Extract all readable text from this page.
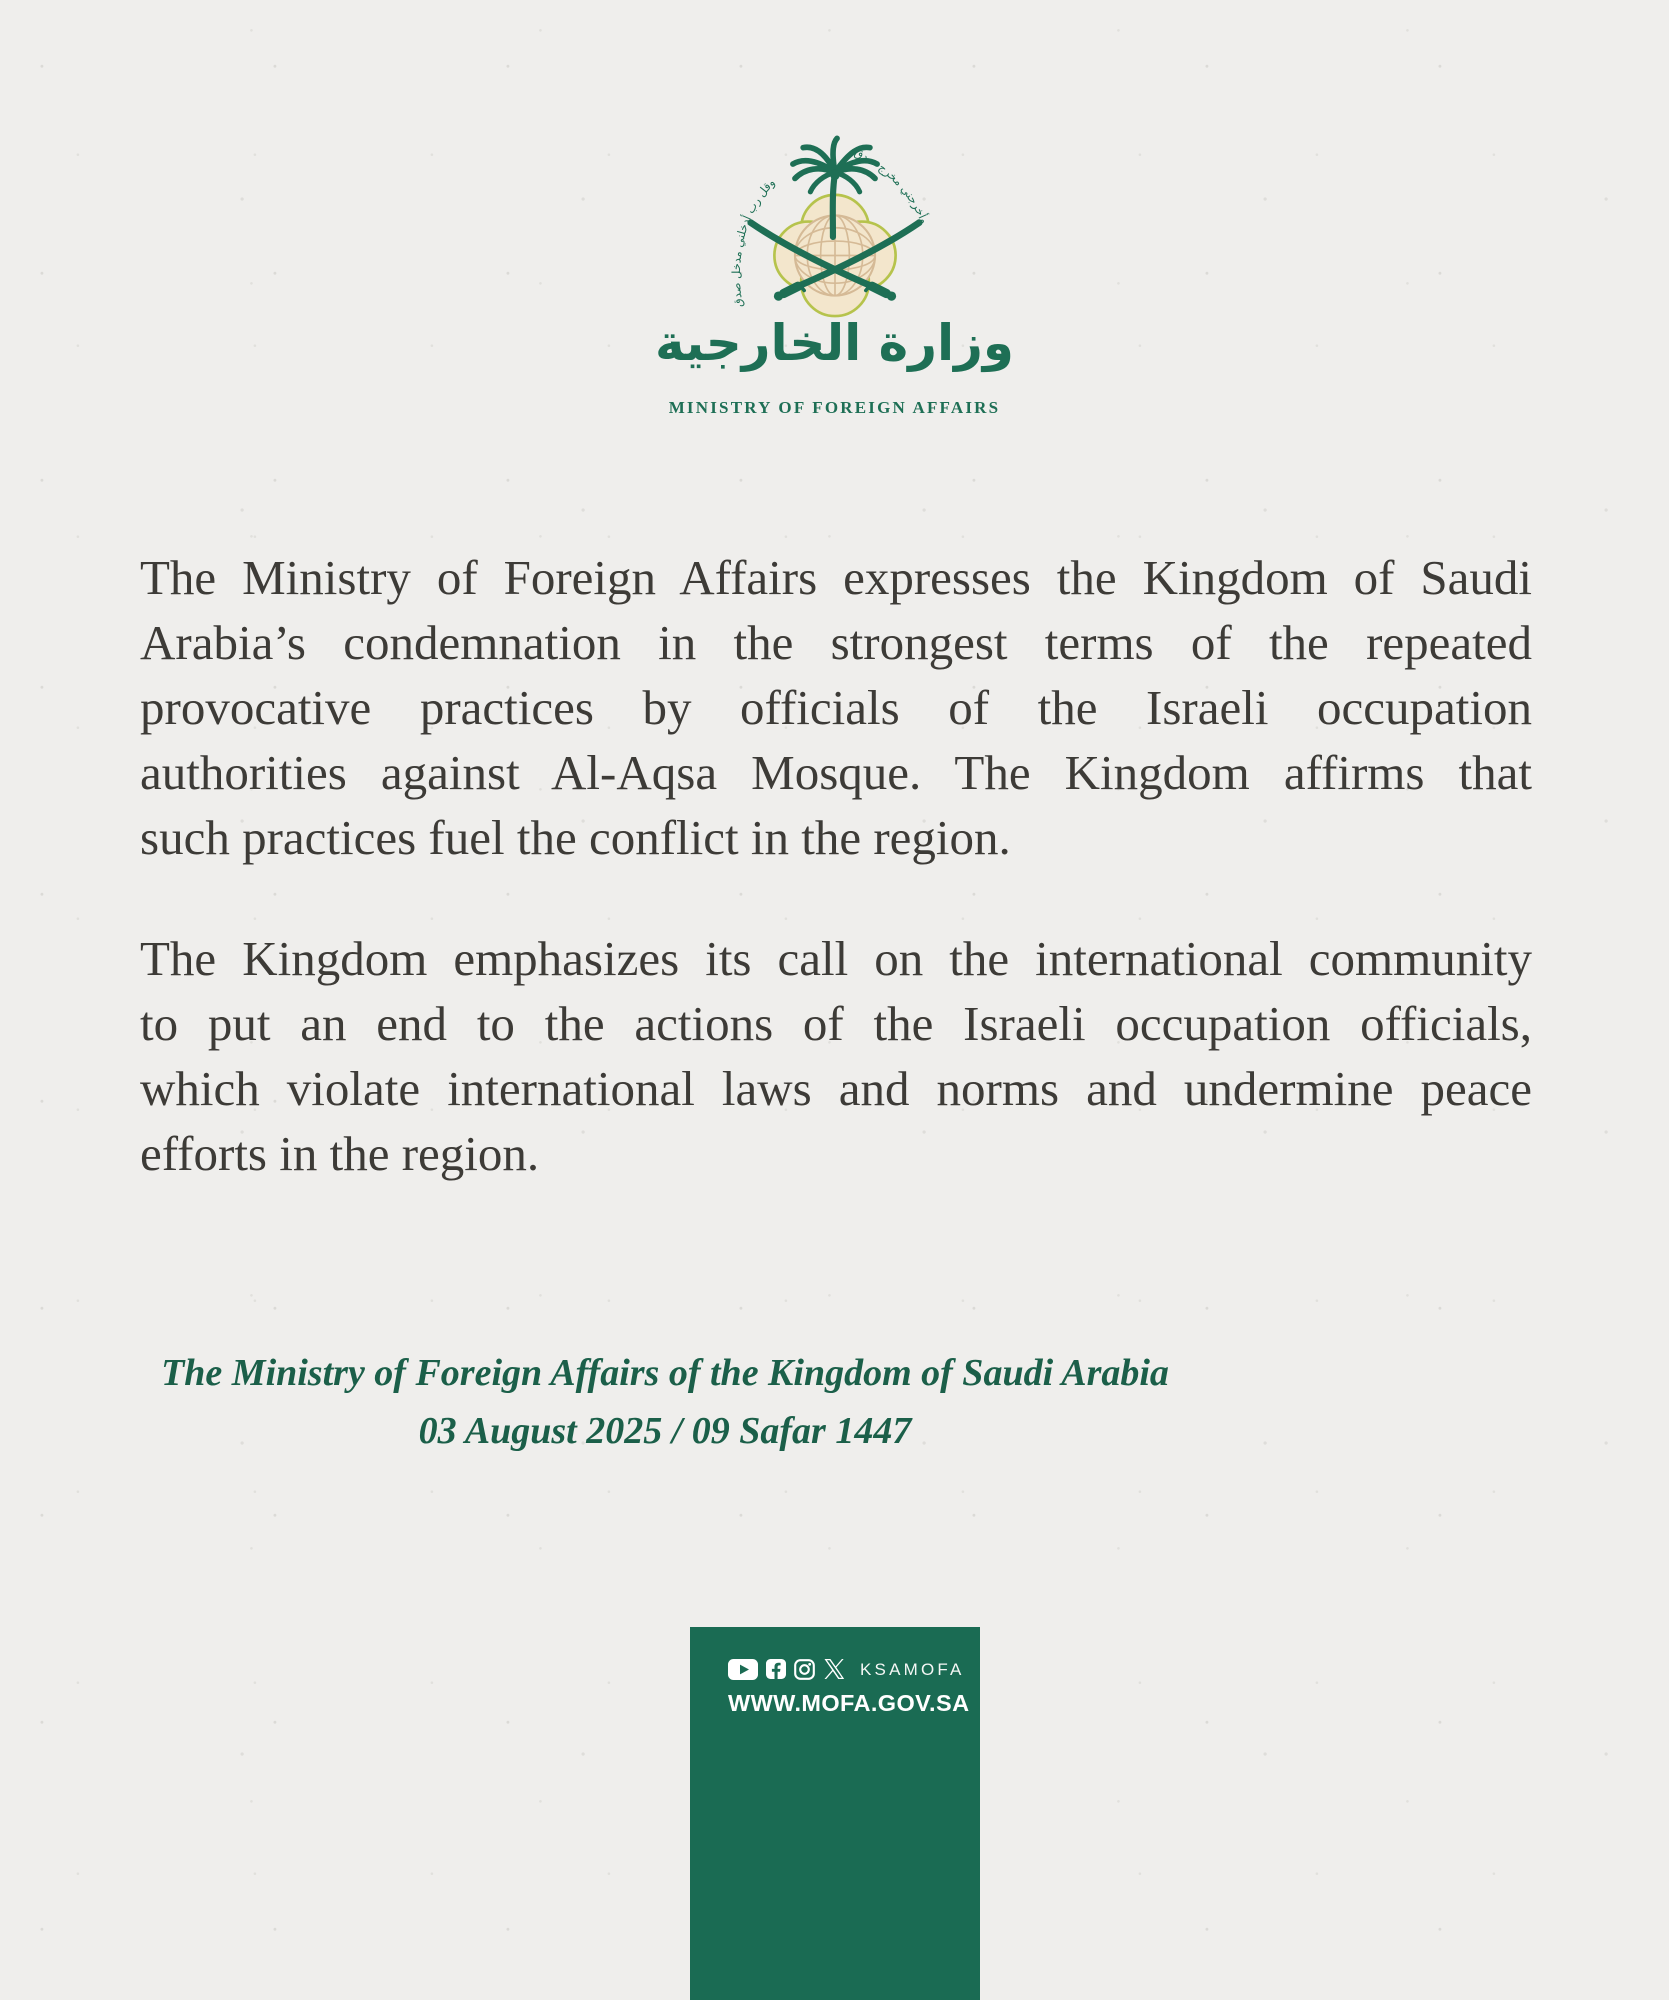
وقل رب أدخلني مدخل صدق
وأخرجني مخرج صدق
وزارة الخارجية
MINISTRY OF FOREIGN AFFAIRS
The Ministry of Foreign Affairs expresses the Kingdom of Saudi
Arabia’s condemnation in the strongest terms of the repeated
provocative practices by officials of the Israeli occupation
authorities against Al-Aqsa Mosque. The Kingdom affirms that
such practices fuel the conflict in the region.
The Kingdom emphasizes its call on the international community
to put an end to the actions of the Israeli occupation officials,
which violate international laws and norms and undermine peace
efforts in the region.
The Ministry of Foreign Affairs of the Kingdom of Saudi Arabia
03 August 2025 / 09 Safar 1447
KSAMOFA
WWW.MOFA.GOV.SA
